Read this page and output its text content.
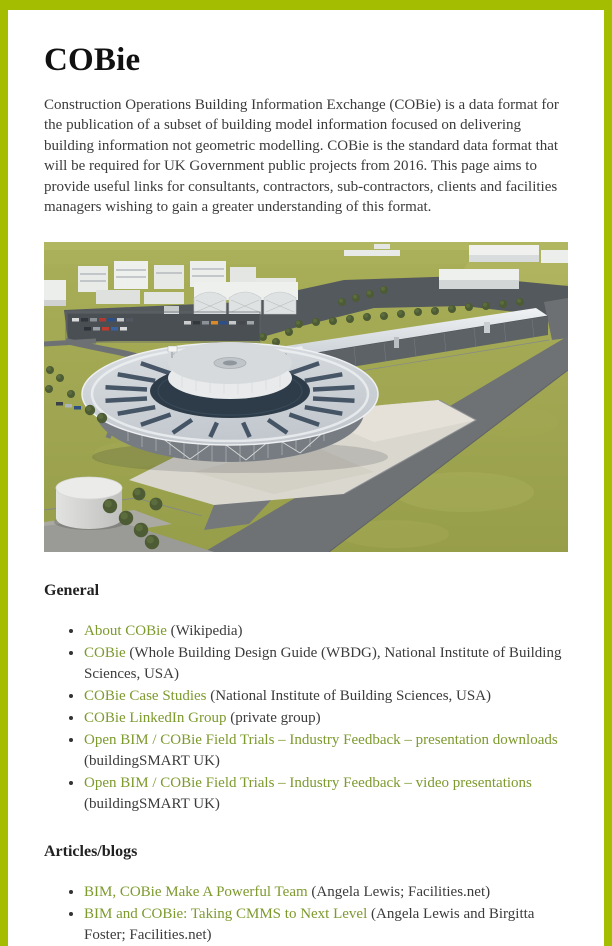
COBie

Construction Operations Building Information Exchange (COBie) is a data format for the publication of a subset of building model information focused on delivering building information not geometric modelling. COBie is the standard data format that will be required for UK Government public projects from 2016. This page aims to provide useful links for consultants, contractors, sub-contractors, clients and facilities managers wishing to gain a greater understanding of this format.

General
• About COBie (Wikipedia)
• COBie (Whole Building Design Guide (WBDG), National Institute of Building Sciences, USA)
• COBie Case Studies (National Institute of Building Sciences, USA)
• COBie LinkedIn Group (private group)
• Open BIM / COBie Field Trials – Industry Feedback – presentation downloads (buildingSMART UK)
• Open BIM / COBie Field Trials – Industry Feedback – video presentations (buildingSMART UK)
Articles/blogs
• BIM, COBie Make A Powerful Team (Angela Lewis; Facilities.net)
• BIM and COBie: Taking CMMS to Next Level (Angela Lewis and Birgitta Foster; Facilities.net)
